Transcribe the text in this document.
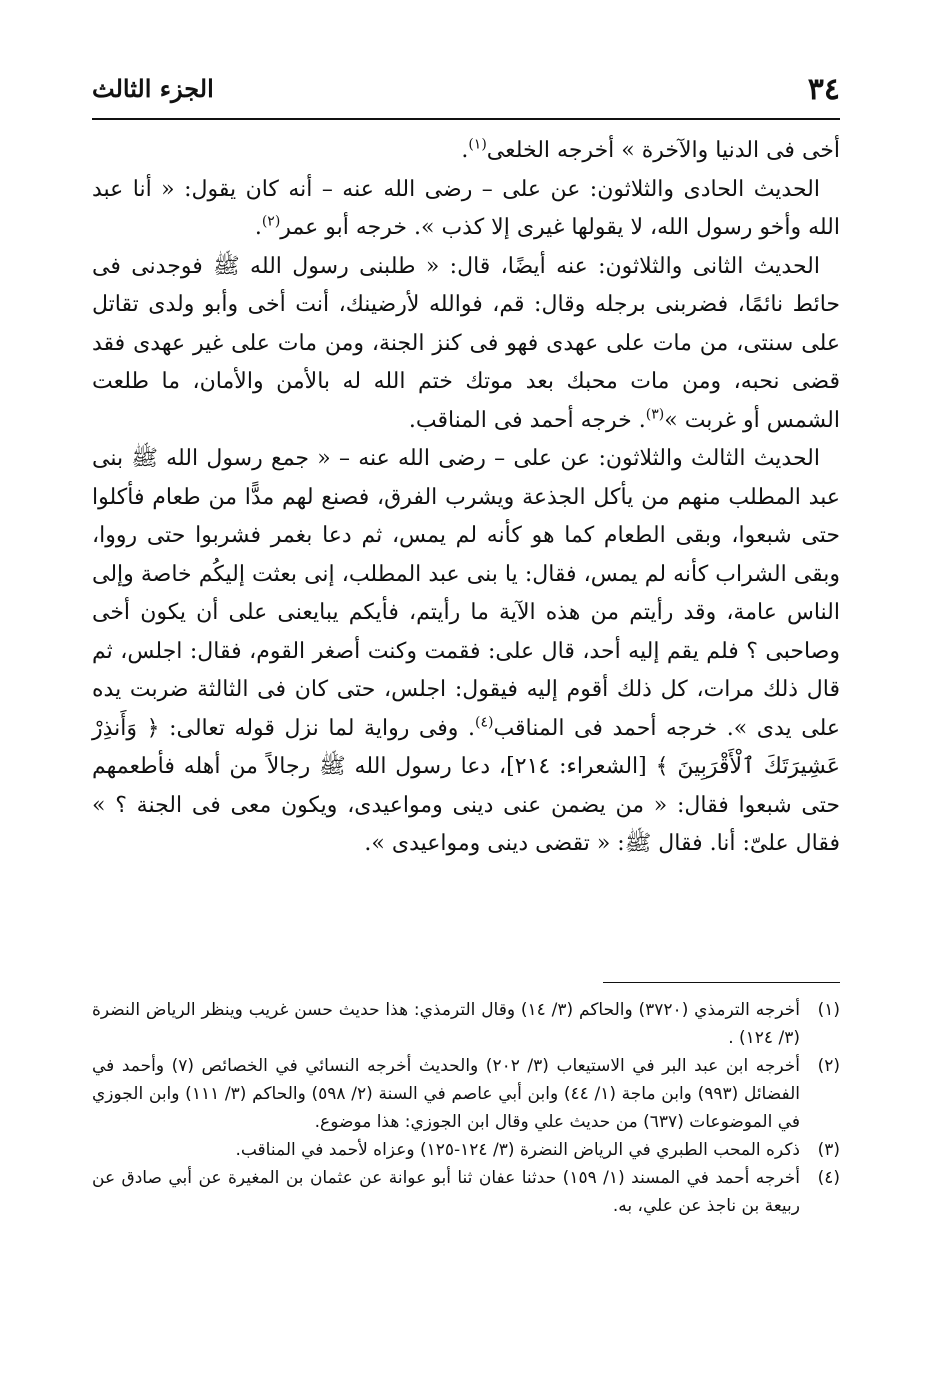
٣٤
الجزء الثالث

أخى فى الدنيا والآخرة » أخرجه الخلعى$^{(١)}$.

الحديث الحادى والثلاثون: عن على – رضى الله عنه – أنه كان يقول: « أنا عبد الله وأخو رسول الله، لا يقولها غيرى إلا كذب ». خرجه أبو عمر$^{(٢)}$.

الحديث الثانى والثلاثون: عنه أيضًا، قال: « طلبنى رسول الله ﷺ فوجدنى فى حائط نائمًا، فضربنى برجله وقال: قم، فوالله لأرضينك، أنت أخى وأبو ولدى تقاتل على سنتى، من مات على عهدى فهو فى كنز الجنة، ومن مات على غير عهدى فقد قضى نحبه، ومن مات محبك بعد موتك ختم الله له بالأمن والأمان، ما طلعت الشمس أو غربت »$^{(٣)}$. خرجه أحمد فى المناقب.

الحديث الثالث والثلاثون: عن على – رضى الله عنه – « جمع رسول الله ﷺ بنى عبد المطلب منهم من يأكل الجذعة ويشرب الفرق، فصنع لهم مدًّا من طعام فأكلوا حتى شبعوا، وبقى الطعام كما هو كأنه لم يمس، ثم دعا بغمر فشربوا حتى رووا، وبقى الشراب كأنه لم يمس، فقال: يا بنى عبد المطلب، إنى بعثت إليكُم خاصة وإلى الناس عامة، وقد رأيتم من هذه الآية ما رأيتم، فأيكم يبايعنى على أن يكون أخى وصاحبى ؟ فلم يقم إليه أحد، قال على: فقمت وكنت أصغر القوم، فقال: اجلس، ثم قال ذلك مرات، كل ذلك أقوم إليه فيقول: اجلس، حتى كان فى الثالثة ضربت يده على يدى ». خرجه أحمد فى المناقب$^{(٤)}$. وفى رواية لما نزل قوله تعالى: ﴿ وَأَنذِرْ عَشِيرَتَكَ ٱلْأَقْرَبِينَ ﴾ [الشعراء: ٢١٤]، دعا رسول الله ﷺ رجالاً من أهله فأطعمهم حتى شبعوا فقال: « من يضمن عنى دينى ومواعيدى، ويكون معى فى الجنة ؟ » فقال علىّ: أنا. فقال ﷺ: « تقضى دينى ومواعيدى ».

(١)
أخرجه الترمذي (٣٧٢٠) والحاكم (٣/ ١٤) وقال الترمذي: هذا حديث حسن غريب وينظر الرياض النضرة (٣/ ١٢٤) .
(٢)
أخرجه ابن عبد البر في الاستيعاب (٣/ ٢٠٢) والحديث أخرجه النسائي في الخصائص (٧) وأحمد في الفضائل (٩٩٣) وابن ماجة (١/ ٤٤) وابن أبي عاصم في السنة (٢/ ٥٩٨) والحاكم (٣/ ١١١) وابن الجوزي في الموضوعات (٦٣٧) من حديث علي وقال ابن الجوزي: هذا موضوع.
(٣)
ذكره المحب الطبري في الرياض النضرة (٣/ ١٢٤-١٢٥) وعزاه لأحمد في المناقب.
(٤)
أخرجه أحمد في المسند (١/ ١٥٩) حدثنا عفان ثنا أبو عوانة عن عثمان بن المغيرة عن أبي صادق عن ربيعة بن ناجذ عن علي، به.
